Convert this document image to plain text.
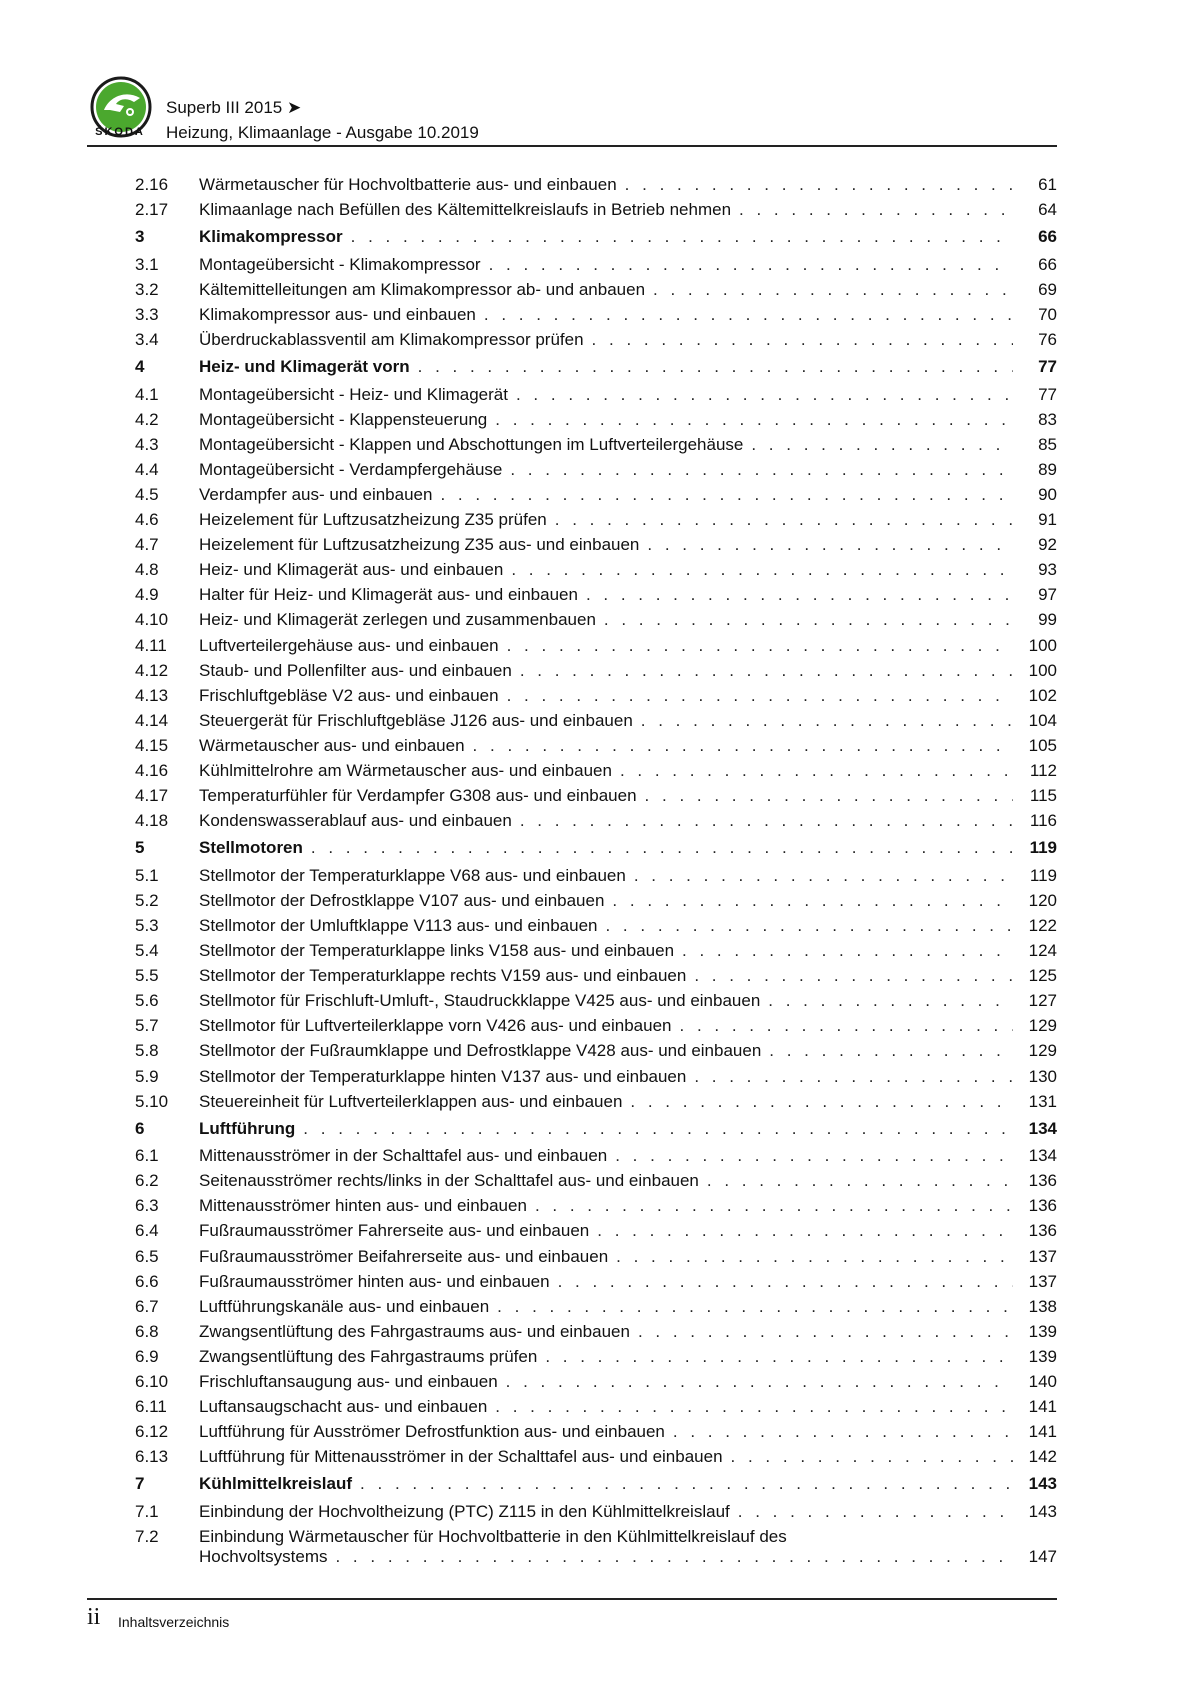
ŠKODA
Superb III 2015 ➤
Heizung, Klimaanlage - Ausgabe 10.2019
2.16 Wärmetauscher für Hochvoltbatterie aus- und einbauen . . .	61
2.17 Klimaanlage nach Befüllen des Kältemittelkreislaufs in Betrieb nehmen . . .	64
3	Klimakompressor . . .	66
3.1 Montageübersicht - Klimakompressor . . .	66
3.2 Kältemittelleitungen am Klimakompressor ab- und anbauen . . .	69
3.3 Klimakompressor aus- und einbauen . . .	70
3.4 Überdruckablassventil am Klimakompressor prüfen . . .	76
4	Heiz- und Klimagerät vorn . . .	77
4.1 Montageübersicht - Heiz- und Klimagerät . . .	77
4.2 Montageübersicht - Klappensteuerung . . .	83
4.3 Montageübersicht - Klappen und Abschottungen im Luftverteilergehäuse . . .	85
4.4 Montageübersicht - Verdampfergehäuse . . .	89
4.5 Verdampfer aus- und einbauen . . .	90
4.6 Heizelement für Luftzusatzheizung Z35 prüfen . . .	91
4.7 Heizelement für Luftzusatzheizung Z35 aus- und einbauen . . .	92
4.8 Heiz- und Klimagerät aus- und einbauen . . .	93
4.9 Halter für Heiz- und Klimagerät aus- und einbauen . . .	97
4.10 Heiz- und Klimagerät zerlegen und zusammenbauen . . .	99
4.11 Luftverteilergehäuse aus- und einbauen . . .	100
4.12 Staub- und Pollenfilter aus- und einbauen . . .	100
4.13 Frischluftgebläse V2 aus- und einbauen . . .	102
4.14 Steuergerät für Frischluftgebläse J126 aus- und einbauen . . .	104
4.15 Wärmetauscher aus- und einbauen . . .	105
4.16 Kühlmittelrohre am Wärmetauscher aus- und einbauen . . .	112
4.17 Temperaturfühler für Verdampfer G308 aus- und einbauen . . .	115
4.18 Kondenswasserablauf aus- und einbauen . . .	116
5	Stellmotoren . . .	119
5.1 Stellmotor der Temperaturklappe V68 aus- und einbauen . . .	119
5.2 Stellmotor der Defrostklappe V107 aus- und einbauen . . .	120
5.3 Stellmotor der Umluftklappe V113 aus- und einbauen . . .	122
5.4 Stellmotor der Temperaturklappe links V158 aus- und einbauen . . .	124
5.5 Stellmotor der Temperaturklappe rechts V159 aus- und einbauen . . .	125
5.6 Stellmotor für Frischluft-Umluft-, Staudruckklappe V425 aus- und einbauen . . .	127
5.7 Stellmotor für Luftverteilerklappe vorn V426 aus- und einbauen . . .	129
5.8 Stellmotor der Fußraumklappe und Defrostklappe V428 aus- und einbauen . . .	129
5.9 Stellmotor der Temperaturklappe hinten V137 aus- und einbauen . . .	130
5.10 Steuereinheit für Luftverteilerklappen aus- und einbauen . . .	131
6	Luftführung . . .	134
6.1 Mittenausströmer in der Schalttafel aus- und einbauen . . .	134
6.2 Seitenausströmer rechts/links in der Schalttafel aus- und einbauen . . .	136
6.3 Mittenausströmer hinten aus- und einbauen . . .	136
6.4 Fußraumausströmer Fahrerseite aus- und einbauen . . .	136
6.5 Fußraumausströmer Beifahrerseite aus- und einbauen . . .	137
6.6 Fußraumausströmer hinten aus- und einbauen . . .	137
6.7 Luftführungskanäle aus- und einbauen . . .	138
6.8 Zwangsentlüftung des Fahrgastraums aus- und einbauen . . .	139
6.9 Zwangsentlüftung des Fahrgastraums prüfen . . .	139
6.10 Frischluftansaugung aus- und einbauen . . .	140
6.11 Luftansaugschacht aus- und einbauen . . .	141
6.12 Luftführung für Ausströmer Defrostfunktion aus- und einbauen . . .	141
6.13 Luftführung für Mittenausströmer in der Schalttafel aus- und einbauen . . .	142
7	Kühlmittelkreislauf . . .	143
7.1 Einbindung der Hochvoltheizung (PTC) Z115 in den Kühlmittelkreislauf . . .	143
7.2 Einbindung Wärmetauscher für Hochvoltbatterie in den Kühlmittelkreislauf des
Hochvoltsystems . . .	147
ii Inhaltsverzeichnis
